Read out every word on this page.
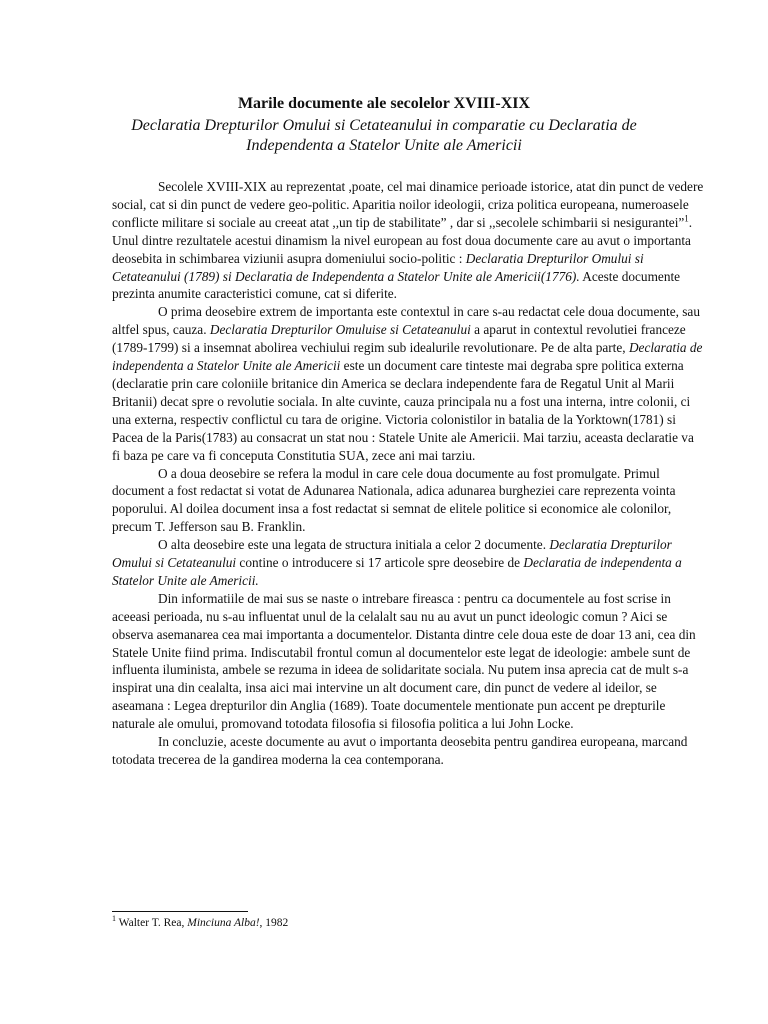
Marile documente ale secolelor XVIII-XIX
Declaratia Drepturilor Omului si Cetateanului in comparatie cu Declaratia de Independenta a Statelor Unite ale Americii

Secolele XVIII-XIX au reprezentat ,poate, cel mai dinamice perioade istorice, atat din punct de vedere social, cat si din punct de vedere geo-politic. Aparitia noilor ideologii, criza politica europeana, numeroasele conflicte militare si sociale au creeat atat ,,un tip de stabilitate” , dar si ,,secolele schimbarii si nesigurantei”$^1$. Unul dintre rezultatele acestui dinamism la nivel european au fost doua documente care au avut o importanta deosebita in schimbarea viziunii asupra domeniului socio-politic : Declaratia Drepturilor Omului si Cetateanului (1789) si Declaratia de Independenta a Statelor Unite ale Americii(1776). Aceste documente prezinta anumite caracteristici comune, cat si diferite.

O prima deosebire extrem de importanta este contextul in care s-au redactat cele doua documente, sau altfel spus, cauza. Declaratia Drepturilor Omuluise si Cetateanului a aparut in contextul revolutiei franceze (1789-1799) si a insemnat abolirea vechiului regim sub idealurile revolutionare. Pe de alta parte, Declaratia de independenta a Statelor Unite ale Americii este un document care tinteste mai degraba spre politica externa (declaratie prin care coloniile britanice din America se declara independente fara de Regatul Unit al Marii Britanii) decat spre o revolutie sociala. In alte cuvinte, cauza principala nu a fost una interna, intre colonii, ci una externa, respectiv conflictul cu tara de origine. Victoria colonistilor in batalia de la Yorktown(1781) si Pacea de la Paris(1783) au consacrat un stat nou : Statele Unite ale Americii. Mai tarziu, aceasta declaratie va fi baza pe care va fi conceputa Constitutia SUA, zece ani mai tarziu.

O a doua deosebire se refera la modul in care cele doua documente au fost promulgate. Primul document a fost redactat si votat de Adunarea Nationala, adica adunarea burgheziei care reprezenta vointa poporului. Al doilea document insa a fost redactat si semnat de elitele politice si economice ale colonilor, precum T. Jefferson sau B. Franklin.

O alta deosebire este una legata de structura initiala a celor 2 documente. Declaratia Drepturilor Omului si Cetateanului contine o introducere si 17 articole spre deosebire de Declaratia de independenta a Statelor Unite ale Americii.

Din informatiile de mai sus se naste o intrebare fireasca : pentru ca documentele au fost scrise in aceeasi perioada, nu s-au influentat unul de la celalalt sau nu au avut un punct ideologic comun ? Aici se observa asemanarea cea mai importanta a documentelor. Distanta dintre cele doua este de doar 13 ani, cea din Statele Unite fiind prima. Indiscutabil frontul comun al documentelor este legat de ideologie: ambele sunt de influenta iluminista, ambele se rezuma in ideea de solidaritate sociala. Nu putem insa aprecia cat de mult s-a inspirat una din cealalta, insa aici mai intervine un alt document care, din punct de vedere al ideilor, se aseamana : Legea drepturilor din Anglia (1689). Toate documentele mentionate pun accent pe drepturile naturale ale omului, promovand totodata filosofia si filosofia politica a lui John Locke.

In concluzie, aceste documente au avut o importanta deosebita pentru gandirea europeana, marcand totodata trecerea de la gandirea moderna la cea contemporana.

$^1$ Walter T. Rea, Minciuna Alba!, 1982
